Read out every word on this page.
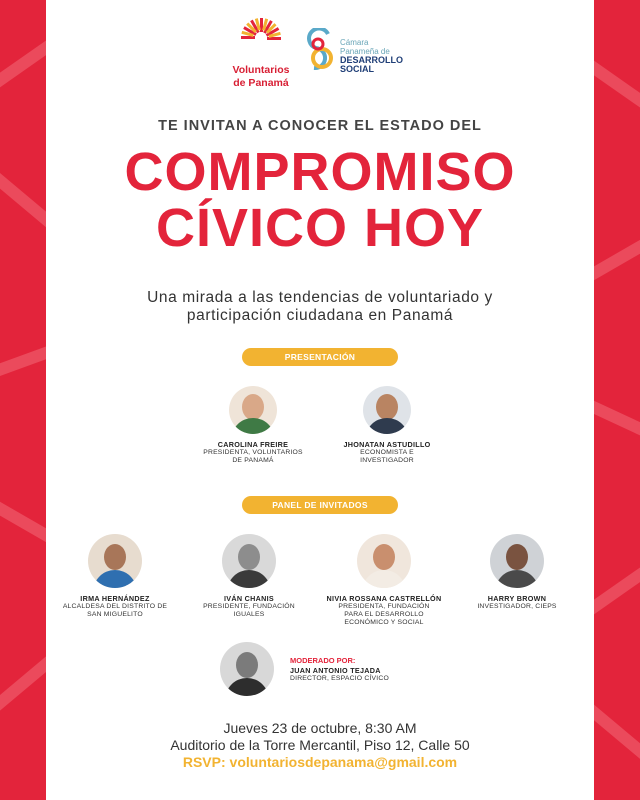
Voluntarios
de Panamá
Cámara
Panameña de
DESARROLLO
SOCIAL
TE INVITAN A CONOCER EL ESTADO DEL
COMPROMISO
CÍVICO HOY
Una mirada a las tendencias de voluntariado y
participación ciudadana en Panamá
PRESENTACIÓN
CAROLINA FREIRE
PRESIDENTA, VOLUNTARIOS
DE PANAMÁ
JHONATAN ASTUDILLO
ECONOMISTA E
INVESTIGADOR
PANEL DE INVITADOS
IRMA HERNÁNDEZ
ALCALDESA DEL DISTRITO DE
SAN MIGUELITO
IVÁN CHANIS
PRESIDENTE, FUNDACIÓN
IGUALES
NIVIA ROSSANA CASTRELLÓN
PRESIDENTA, FUNDACIÓN
PARA EL DESARROLLO
ECONÓMICO Y SOCIAL
HARRY BROWN
INVESTIGADOR, CIEPS
MODERADO POR:
JUAN ANTONIO TEJADA
DIRECTOR, ESPACIO CÍVICO
Jueves 23 de octubre, 8:30 AM
Auditorio de la Torre Mercantil, Piso 12, Calle 50
RSVP: voluntariosdepanama@gmail.com
